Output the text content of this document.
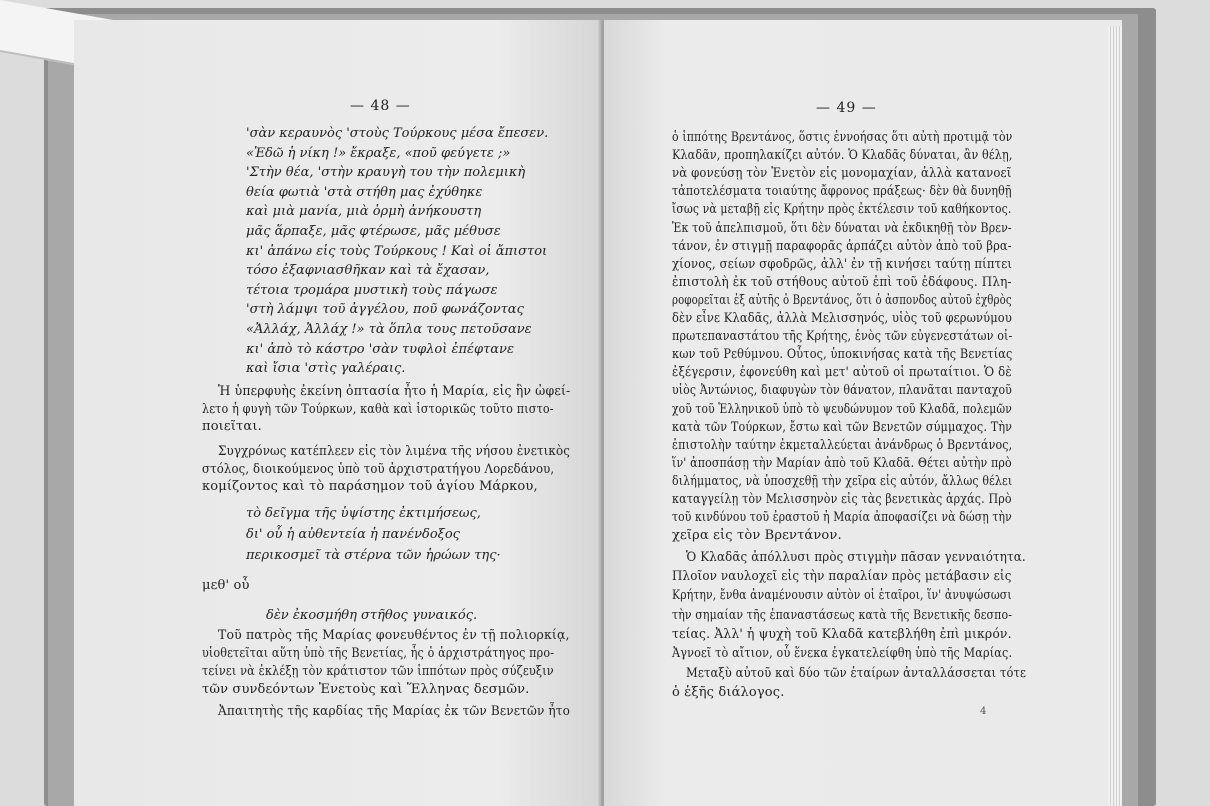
— 48 —
'σὰν κεραυνὸς 'στοὺς Τούρκους μέσα ἔπεσεν.
«Ἐδῶ ἡ νίκη !» ἔκραξε, «ποῦ φεύγετε ;»
'Στὴν θέα, 'στὴν κραυγὴ του τὴν πολεμικὴ
θεία φωτιὰ 'στὰ στήθη μας ἐχύθηκε
καὶ μιὰ μανία, μιὰ ὁρμὴ ἀνήκουστη
μᾶς ἅρπαξε, μᾶς φτέρωσε, μᾶς μέθυσε
κι' ἀπάνω εἰς τοὺς Τούρκους ! Καὶ οἱ ἄπιστοι
τόσο ἐξαφνιασθῆκαν καὶ τὰ ἔχασαν,
τέτοια τρομάρα μυστικὴ τοὺς πάγωσε
'στὴ λάμψι τοῦ ἀγγέλου, ποῦ φωνάζοντας
«Ἀλλάχ, Ἀλλάχ !» τὰ ὅπλα τους πετοῦσανε
κι' ἀπὸ τὸ κάστρο 'σὰν τυφλοὶ ἐπέφτανε
καὶ ἴσια 'στὶς γαλέραις.
Ἡ ὑπερφυὴς ἐκείνη ὀπτασία ἦτο ἡ Μαρία, εἰς ἣν ὠφεί-
λετο ἡ φυγὴ τῶν Τούρκων, καθὰ καὶ ἱστορικῶς τοῦτο πιστο-
ποιεῖται.
Συγχρόνως κατέπλεεν εἰς τὸν λιμένα τῆς νήσου ἐνετικὸς
στόλος, διοικούμενος ὑπὸ τοῦ ἀρχιστρατήγου Λορεδάνου,
κομίζοντος καὶ τὸ παράσημον τοῦ ἁγίου Μάρκου,
τὸ δεῖγμα τῆς ὑψίστης ἐκτιμήσεως,
δι' οὗ ἡ αὐθεντεία ἡ πανένδοξος
περικοσμεῖ τὰ στέρνα τῶν ἡρώων της·
μεθ' οὗ
δὲν ἐκοσμήθη στῆθος γυναικός.
Τοῦ πατρὸς τῆς Μαρίας φονευθέντος ἐν τῇ πολιορκίᾳ,
υἱοθετεῖται αὕτη ὑπὸ τῆς Βενετίας, ἧς ὁ ἀρχιστράτηγος προ-
τείνει νὰ ἐκλέξῃ τὸν κράτιστον τῶν ἱππότων πρὸς σύζευξιν
τῶν συνδεόντων Ἐνετοὺς καὶ Ἕλληνας δεσμῶν.
Ἀπαιτητὴς τῆς καρδίας τῆς Μαρίας ἐκ τῶν Βενετῶν ἦτο
— 49 —
ὁ ἱππότης Βρεντάνος, ὅστις ἐννοήσας ὅτι αὐτὴ προτιμᾷ τὸν
Κλαδᾶν, προπηλακίζει αὐτόν. Ὁ Κλαδᾶς δύναται, ἂν θέλῃ,
νὰ φονεύσῃ τὸν Ἐνετὸν εἰς μονομαχίαν, ἀλλὰ κατανοεῖ
τἀποτελέσματα τοιαύτης ἄφρονος πράξεως· δὲν θὰ δυνηθῇ
ἴσως νὰ μεταβῇ εἰς Κρήτην πρὸς ἐκτέλεσιν τοῦ καθήκοντος.
Ἐκ τοῦ ἀπελπισμοῦ, ὅτι δὲν δύναται νὰ ἐκδικηθῇ τὸν Βρεν-
τάνον, ἐν στιγμῇ παραφορᾶς ἁρπάζει αὐτὸν ἀπὸ τοῦ βρα-
χίονος, σείων σφοδρῶς, ἀλλ' ἐν τῇ κινήσει ταύτῃ πίπτει
ἐπιστολὴ ἐκ τοῦ στήθους αὐτοῦ ἐπὶ τοῦ ἐδάφους. Πλη-
ροφορεῖται ἐξ αὐτῆς ὁ Βρεντάνος, ὅτι ὁ ἀσπονδος αὐτοῦ ἐχθρὸς
δὲν εἶνε Κλαδᾶς, ἀλλὰ Μελισσηνός, υἱὸς τοῦ φερωνύμου
πρωτεπαναστάτου τῆς Κρήτης, ἑνὸς τῶν εὐγενεστάτων οἰ-
κων τοῦ Ρεθύμνου. Οὗτος, ὑποκινήσας κατὰ τῆς Βενετίας
ἐξέγερσιν, ἐφονεύθη καὶ μετ' αὐτοῦ οἱ πρωταίτιοι. Ὁ δὲ
υἱὸς Ἀντώνιος, διαφυγὼν τὸν θάνατον, πλανᾶται πανταχοῦ
χοῦ τοῦ Ἑλληνικοῦ ὑπὸ τὸ ψευδώνυμον τοῦ Κλαδᾶ, πολεμῶν
κατὰ τῶν Τούρκων, ἔστω καὶ τῶν Βενετῶν σύμμαχος. Τὴν
ἐπιστολὴν ταύτην ἐκμεταλλεύεται ἀνάνδρως ὁ Βρεντάνος,
ἵν' ἀποσπάσῃ τὴν Μαρίαν ἀπὸ τοῦ Κλαδᾶ. Θέτει αὐτὴν πρὸ
διλήμματος, νὰ ὑποσχεθῇ τὴν χεῖρα εἰς αὐτόν, ἄλλως θέλει
καταγγείλῃ τὸν Μελισσηνὸν εἰς τὰς βενετικὰς ἀρχάς. Πρὸ
τοῦ κινδύνου τοῦ ἐραστοῦ ἡ Μαρία ἀποφασίζει νὰ δώσῃ τὴν
χεῖρα εἰς τὸν Βρεντάνον.
Ὁ Κλαδᾶς ἀπόλλυσι πρὸς στιγμὴν πᾶσαν γενναιότητα.
Πλοῖον ναυλοχεῖ εἰς τὴν παραλίαν πρὸς μετάβασιν εἰς
Κρήτην, ἔνθα ἀναμένουσιν αὐτὸν οἱ ἑταῖροι, ἵν' ἀνυψώσωσι
τὴν σημαίαν τῆς ἐπαναστάσεως κατὰ τῆς Βενετικῆς δεσπο-
τείας. Ἀλλ' ἡ ψυχὴ τοῦ Κλαδᾶ κατεβλήθη ἐπὶ μικρόν.
Ἀγνοεῖ τὸ αἴτιον, οὗ ἕνεκα ἐγκατελείφθη ὑπὸ τῆς Μαρίας.
Μεταξὺ αὐτοῦ καὶ δύο τῶν ἑταίρων ἀνταλλάσσεται τότε
ὁ ἑξῆς διάλογος.
4
